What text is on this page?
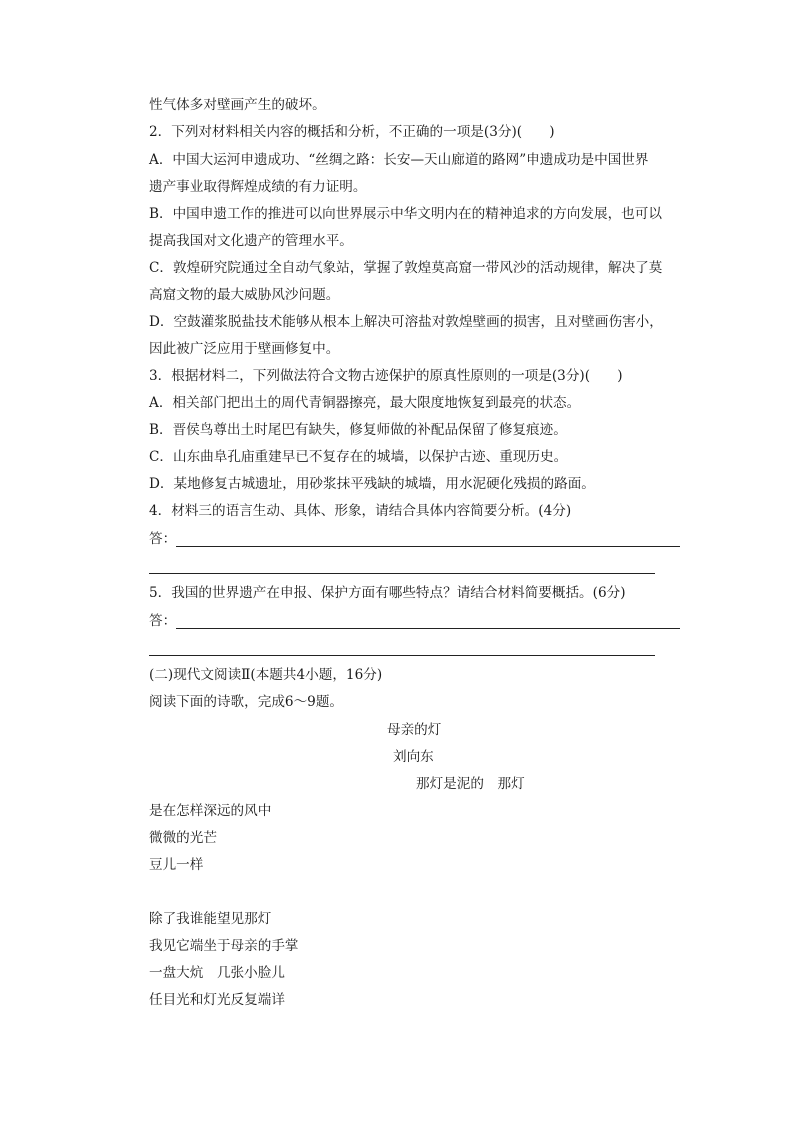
性气体多对壁画产生的破坏。
2．下列对材料相关内容的概括和分析，不正确的一项是(3分)(　　)
A．中国大运河申遗成功、“丝绸之路：长安—天山廊道的路网”申遗成功是中国世界
遗产事业取得辉煌成绩的有力证明。
B．中国申遗工作的推进可以向世界展示中华文明内在的精神追求的方向发展，也可以
提高我国对文化遗产的管理水平。
C．敦煌研究院通过全自动气象站，掌握了敦煌莫高窟一带风沙的活动规律，解决了莫
高窟文物的最大威胁风沙问题。
D．空鼓灌浆脱盐技术能够从根本上解决可溶盐对敦煌壁画的损害，且对壁画伤害小，
因此被广泛应用于壁画修复中。
3．根据材料二，下列做法符合文物古迹保护的原真性原则的一项是(3分)(　　)
A．相关部门把出土的周代青铜器擦亮，最大限度地恢复到最亮的状态。
B．晋侯鸟尊出土时尾巴有缺失，修复师做的补配品保留了修复痕迹。
C．山东曲阜孔庙重建早已不复存在的城墙，以保护古迹、重现历史。
D．某地修复古城遗址，用砂浆抹平残缺的城墙，用水泥硬化残损的路面。
4．材料三的语言生动、具体、形象，请结合具体内容简要分析。(4分)
答：
5．我国的世界遗产在申报、保护方面有哪些特点？请结合材料简要概括。(6分)
答：
(二)现代文阅读Ⅱ(本题共4小题，16分)
阅读下面的诗歌，完成6～9题。
母亲的灯
刘向东
那灯是泥的　那灯
是在怎样深远的风中
微微的光芒
豆儿一样
除了我谁能望见那灯
我见它端坐于母亲的手掌
一盘大炕　几张小脸儿
任目光和灯光反复端详
